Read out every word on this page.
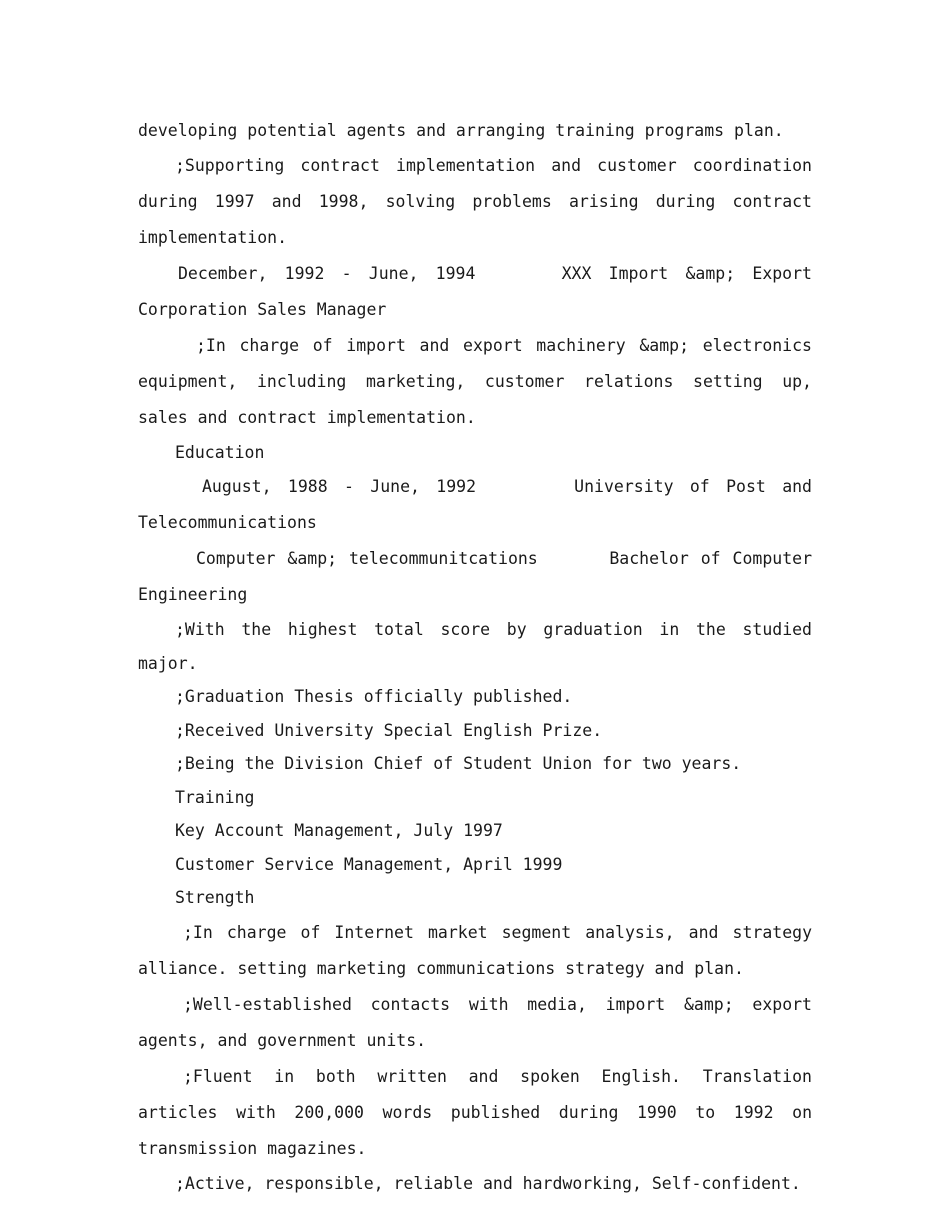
developing potential agents and arranging training programs plan.

;Supporting contract implementation and customer coordination during 1997 and 1998, solving problems arising during contract implementation.

December, 1992 - June, 1994     XXX Import &amp; Export Corporation Sales Manager

;In charge of import and export machinery &amp; electronics equipment, including marketing, customer relations setting up, sales and contract implementation.

Education

August, 1988 - June, 1992      University of Post and Telecommunications

Computer &amp; telecommunitcations      Bachelor of Computer Engineering

;With the highest total score by graduation in the studied major.

;Graduation Thesis officially published.

;Received University Special English Prize.

;Being the Division Chief of Student Union for two years.

Training

Key Account Management, July 1997

Customer Service Management, April 1999

Strength

;In charge of Internet market segment analysis, and strategy alliance. setting marketing communications strategy and plan.

;Well-established contacts with media, import &amp; export agents, and government units.

;Fluent in both written and spoken English. Translation articles with 200,000 words published during 1990 to 1992 on transmission magazines.

;Active, responsible, reliable and hardworking, Self-confident.
